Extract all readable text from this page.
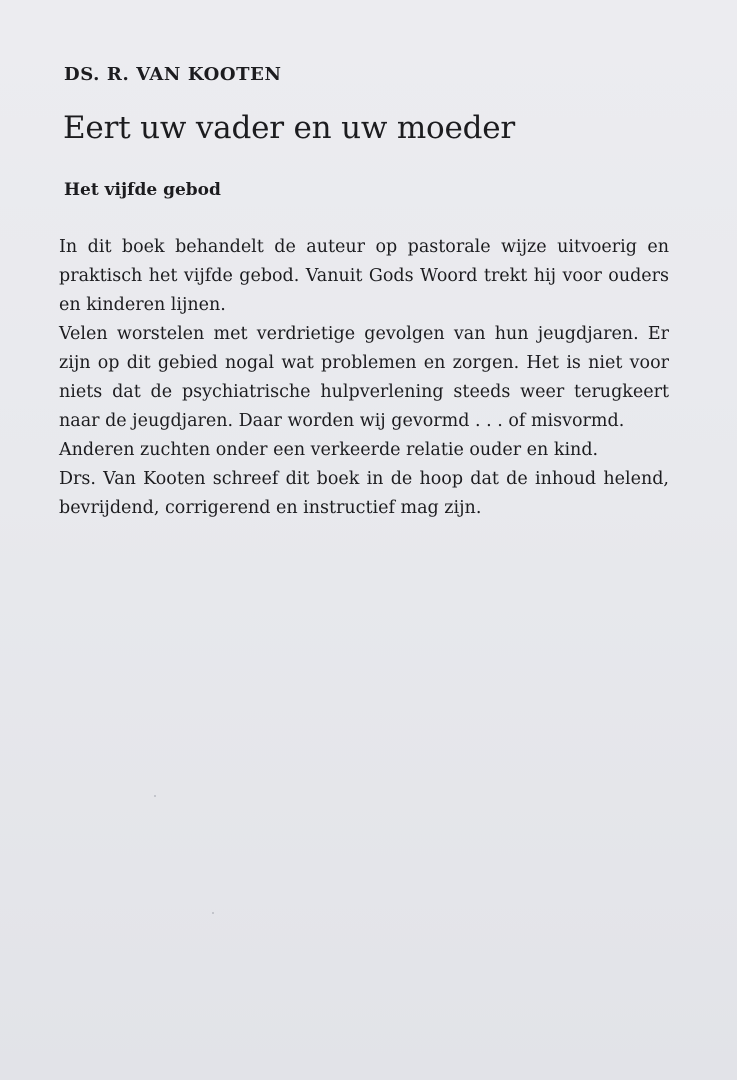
DS. R. VAN KOOTEN
Eert uw vader en uw moeder
Het vijfde gebod

In dit boek behandelt de auteur op pastorale wijze uitvoerig en praktisch het vijfde gebod. Vanuit Gods Woord trekt hij voor ouders en kinderen lijnen.

Velen worstelen met verdrietige gevolgen van hun jeugdjaren. Er zijn op dit gebied nogal wat problemen en zorgen. Het is niet voor niets dat de psychiatrische hulpverlening steeds weer terugkeert naar de jeugdjaren. Daar worden wij gevormd . . . of misvormd.

Anderen zuchten onder een verkeerde relatie ouder en kind.

Drs. Van Kooten schreef dit boek in de hoop dat de inhoud helend, bevrijdend, corrigerend en instructief mag zijn.
